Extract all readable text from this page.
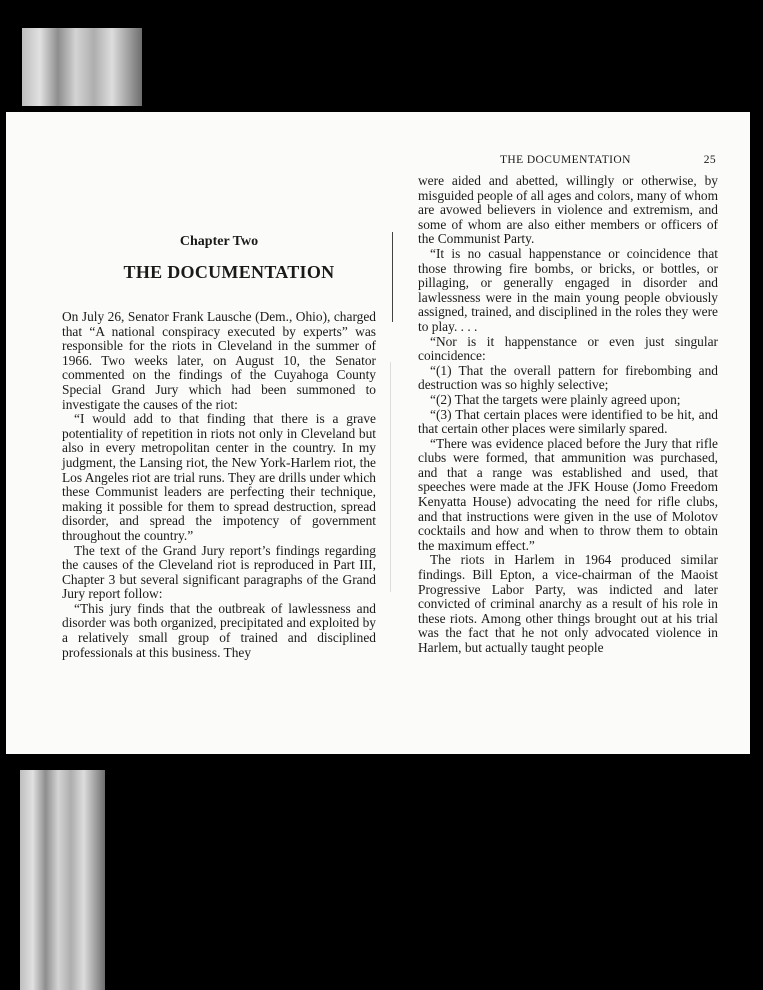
Chapter Two
THE DOCUMENTATION

On July 26, Senator Frank Lausche (Dem., Ohio), charged that “A national conspiracy executed by experts” was responsible for the riots in Cleveland in the summer of 1966. Two weeks later, on August 10, the Senator commented on the findings of the Cuyahoga County Special Grand Jury which had been summoned to investigate the causes of the riot:

“I would add to that finding that there is a grave potentiality of repetition in riots not only in Cleveland but also in every metropolitan center in the country. In my judgment, the Lansing riot, the New York-Harlem riot, the Los Angeles riot are trial runs. They are drills under which these Communist leaders are perfecting their technique, making it possible for them to spread destruction, spread disorder, and spread the impotency of government throughout the country.”

The text of the Grand Jury report’s findings regarding the causes of the Cleveland riot is reproduced in Part III, Chapter 3 but several significant paragraphs of the Grand Jury report follow:

“This jury finds that the outbreak of lawlessness and disorder was both organized, precipitated and exploited by a relatively small group of trained and disciplined professionals at this business. They

THE DOCUMENTATION	25

were aided and abetted, willingly or otherwise, by misguided people of all ages and colors, many of whom are avowed believers in violence and extremism, and some of whom are also either members or officers of the Communist Party.

“It is no casual happenstance or coincidence that those throwing fire bombs, or bricks, or bottles, or pillaging, or generally engaged in disorder and lawlessness were in the main young people obviously assigned, trained, and disciplined in the roles they were to play. . . .

“Nor is it happenstance or even just singular coincidence:

“(1) That the overall pattern for firebombing and destruction was so highly selective;

“(2) That the targets were plainly agreed upon;

“(3) That certain places were identified to be hit, and that certain other places were similarly spared.

“There was evidence placed before the Jury that rifle clubs were formed, that ammunition was purchased, and that a range was established and used, that speeches were made at the JFK House (Jomo Freedom Kenyatta House) advocating the need for rifle clubs, and that instructions were given in the use of Molotov cocktails and how and when to throw them to obtain the maximum effect.”

The riots in Harlem in 1964 produced similar findings. Bill Epton, a vice-chairman of the Maoist Progressive Labor Party, was indicted and later convicted of criminal anarchy as a result of his role in these riots. Among other things brought out at his trial was the fact that he not only advocated violence in Harlem, but actually taught people
